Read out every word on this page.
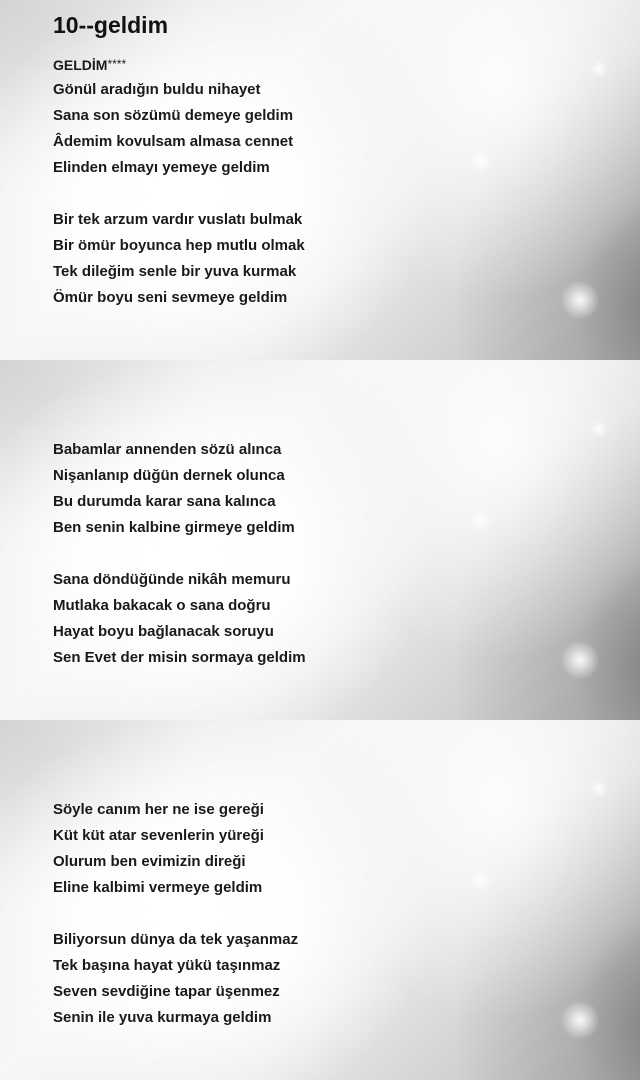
10--geldim
GELDİM****
Gönül aradığın buldu nihayet
Sana son sözümü demeye geldim
Âdemim kovulsam almasa cennet
Elinden elmayı yemeye geldim
Bir tek arzum vardır vuslatı bulmak
Bir ömür boyunca hep mutlu olmak
Tek dileğim senle bir yuva kurmak
Ömür boyu seni sevmeye geldim
Babamlar annenden sözü alınca
Nişanlanıp düğün dernek olunca
Bu durumda karar sana kalınca
Ben senin kalbine girmeye geldim
Sana döndüğünde nikâh memuru
Mutlaka bakacak o sana doğru
Hayat boyu bağlanacak soruyu
Sen Evet der misin sormaya geldim
Söyle canım her ne ise gereği
Küt küt atar sevenlerin yüreği
Olurum ben evimizin direği
Eline kalbimi vermeye geldim
Biliyorsun dünya da tek yaşanmaz
Tek başına hayat yükü taşınmaz
Seven sevdiğine tapar üşenmez
Senin ile yuva kurmaya geldim
